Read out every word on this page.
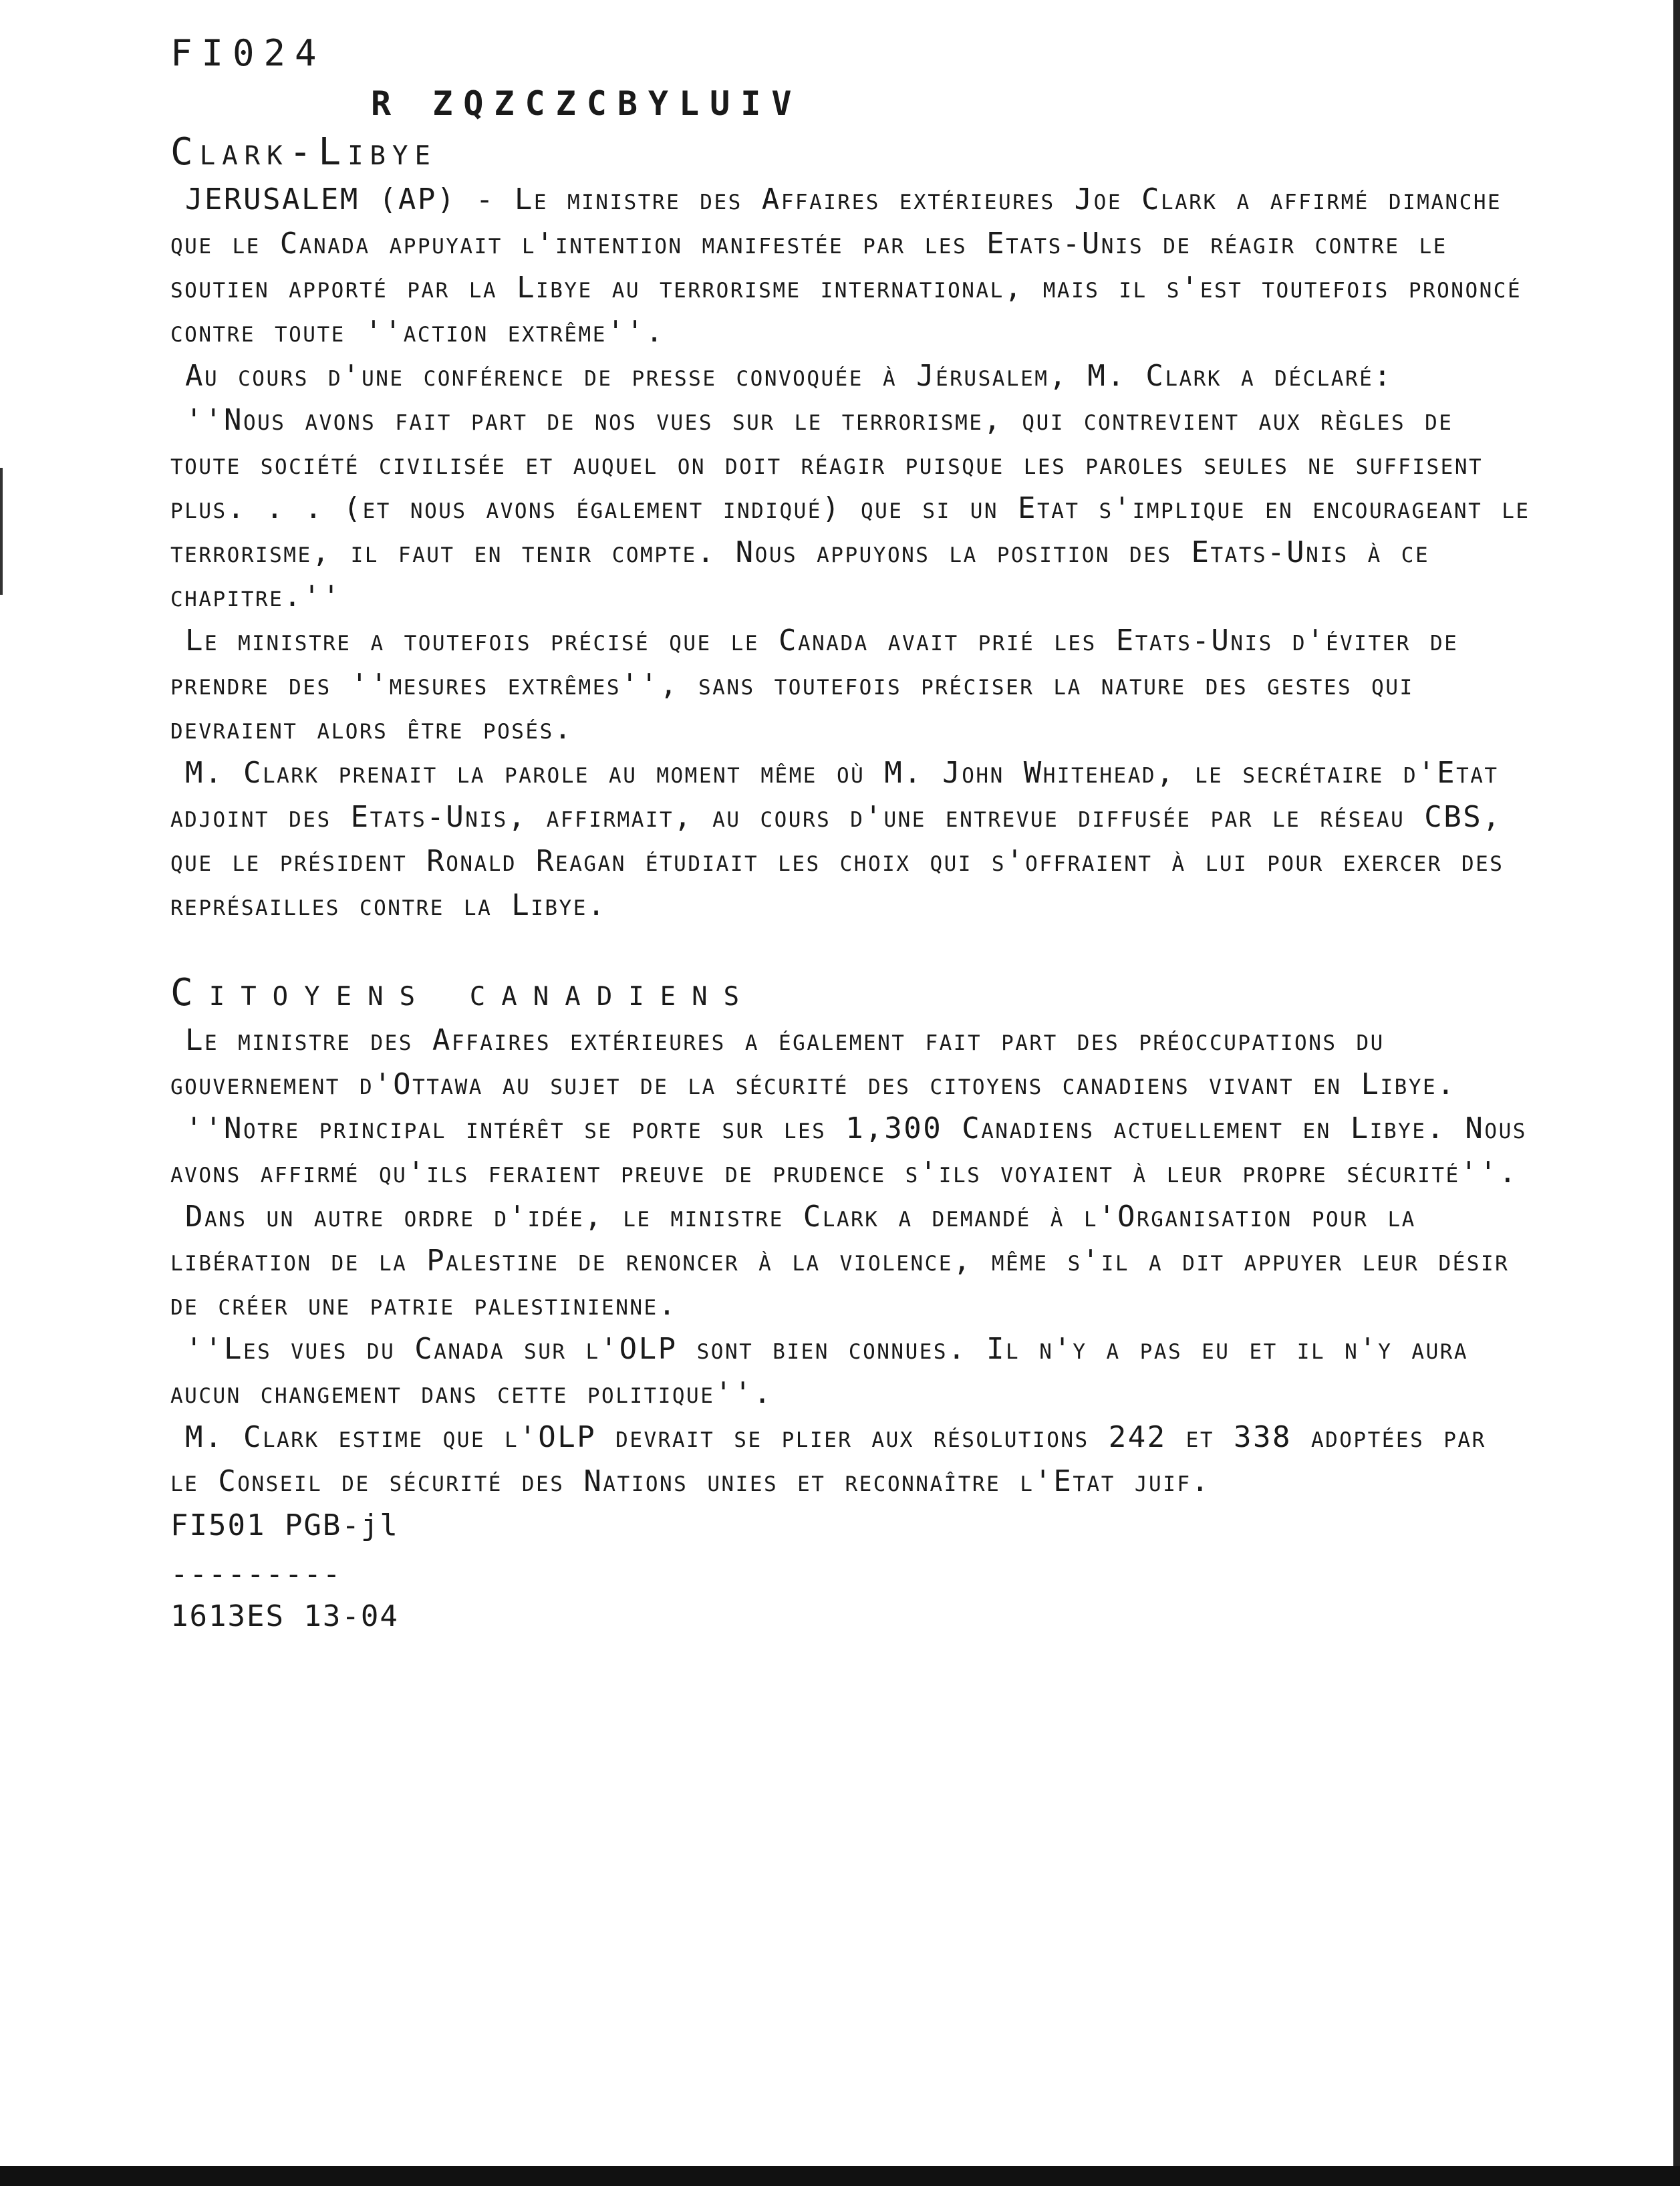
FI024

R ZQZCZCBYLUIV

Clark-Libye

JERUSALEM (AP) - Le ministre des Affaires extérieures Joe Clark a affirmé dimanche que le Canada appuyait l'intention manifestée par les Etats-Unis de réagir contre le soutien apporté par la Libye au terrorisme international, mais il s'est toutefois prononcé contre toute ''action extrême''.

Au cours d'une conférence de presse convoquée à Jérusalem, M. Clark a déclaré:

''Nous avons fait part de nos vues sur le terrorisme, qui contrevient aux règles de toute société civilisée et auquel on doit réagir puisque les paroles seules ne suffisent plus. . . (et nous avons également indiqué) que si un Etat s'implique en encourageant le terrorisme, il faut en tenir compte. Nous appuyons la position des Etats-Unis à ce chapitre.''

Le ministre a toutefois précisé que le Canada avait prié les Etats-Unis d'éviter de prendre des ''mesures extrêmes'', sans toutefois préciser la nature des gestes qui devraient alors être posés.

M. Clark prenait la parole au moment même où M. John Whitehead, le secrétaire d'Etat adjoint des Etats-Unis, affirmait, au cours d'une entrevue diffusée par le réseau CBS, que le président Ronald Reagan étudiait les choix qui s'offraient à lui pour exercer des représailles contre la Libye.

Citoyens canadiens

Le ministre des Affaires extérieures a également fait part des préoccupations du gouvernement d'Ottawa au sujet de la sécurité des citoyens canadiens vivant en Libye.

''Notre principal intérêt se porte sur les 1,300 Canadiens actuellement en Libye. Nous avons affirmé qu'ils feraient preuve de prudence s'ils voyaient à leur propre sécurité''.

Dans un autre ordre d'idée, le ministre Clark a demandé à l'Organisation pour la libération de la Palestine de renoncer à la violence, même s'il a dit appuyer leur désir de créer une patrie palestinienne.

''Les vues du Canada sur l'OLP sont bien connues. Il n'y a pas eu et il n'y aura aucun changement dans cette politique''.

M. Clark estime que l'OLP devrait se plier aux résolutions 242 et 338 adoptées par le Conseil de sécurité des Nations unies et reconnaître l'Etat juif.

FI501 PGB-jl

---------

1613ES 13-04
